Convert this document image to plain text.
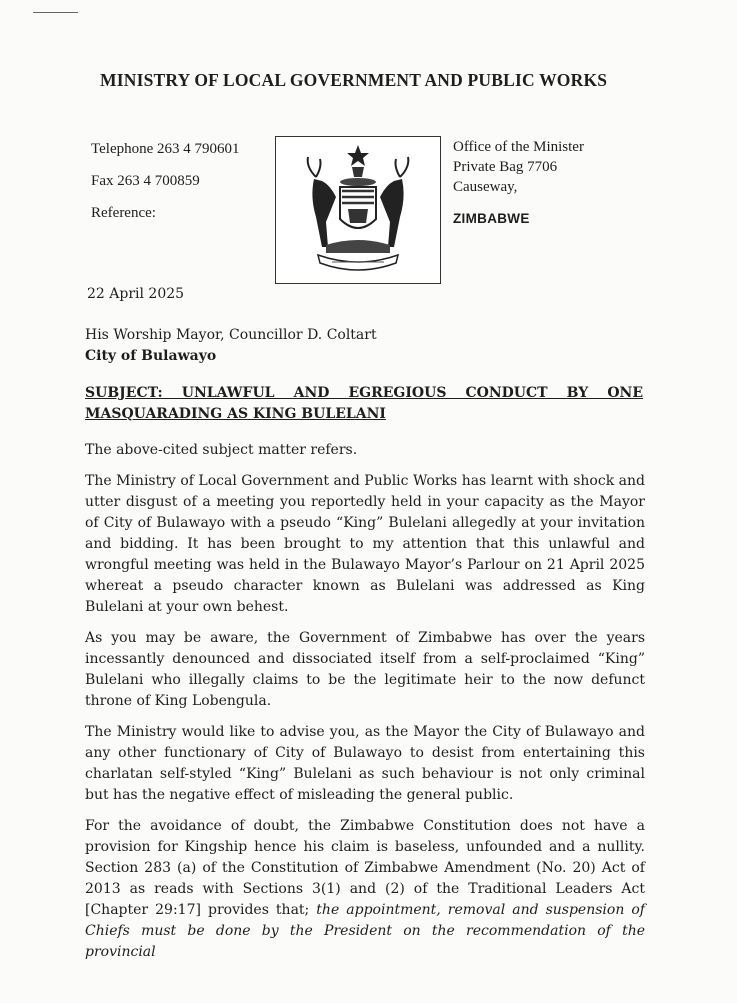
MINISTRY OF LOCAL GOVERNMENT AND PUBLIC WORKS
Telephone 263 4 790601
Fax 263 4 700859
Reference:
Office of the Minister
Private Bag 7706
Causeway,
ZIMBABWE
22 April 2025
His Worship Mayor, Councillor D. Coltart
City of Bulawayo
SUBJECT: UNLAWFUL AND EGREGIOUS CONDUCT BY ONE MASQUARADING AS KING BULELANI

The above-cited subject matter refers.

The Ministry of Local Government and Public Works has learnt with shock and utter disgust of a meeting you reportedly held in your capacity as the Mayor of City of Bulawayo with a pseudo “King” Bulelani allegedly at your invitation and bidding. It has been brought to my attention that this unlawful and wrongful meeting was held in the Bulawayo Mayor’s Parlour on 21 April 2025 whereat a pseudo character known as Bulelani was addressed as King Bulelani at your own behest.

As you may be aware, the Government of Zimbabwe has over the years incessantly denounced and dissociated itself from a self-proclaimed “King” Bulelani who illegally claims to be the legitimate heir to the now defunct throne of King Lobengula.

The Ministry would like to advise you, as the Mayor the City of Bulawayo and any other functionary of City of Bulawayo to desist from entertaining this charlatan self-styled “King” Bulelani as such behaviour is not only criminal but has the negative effect of misleading the general public.

For the avoidance of doubt, the Zimbabwe Constitution does not have a provision for Kingship hence his claim is baseless, unfounded and a nullity. Section 283 (a) of the Constitution of Zimbabwe Amendment (No. 20) Act of 2013 as reads with Sections 3(1) and (2) of the Traditional Leaders Act [Chapter 29:17] provides that; the appointment, removal and suspension of Chiefs must be done by the President on the recommendation of the provincial
